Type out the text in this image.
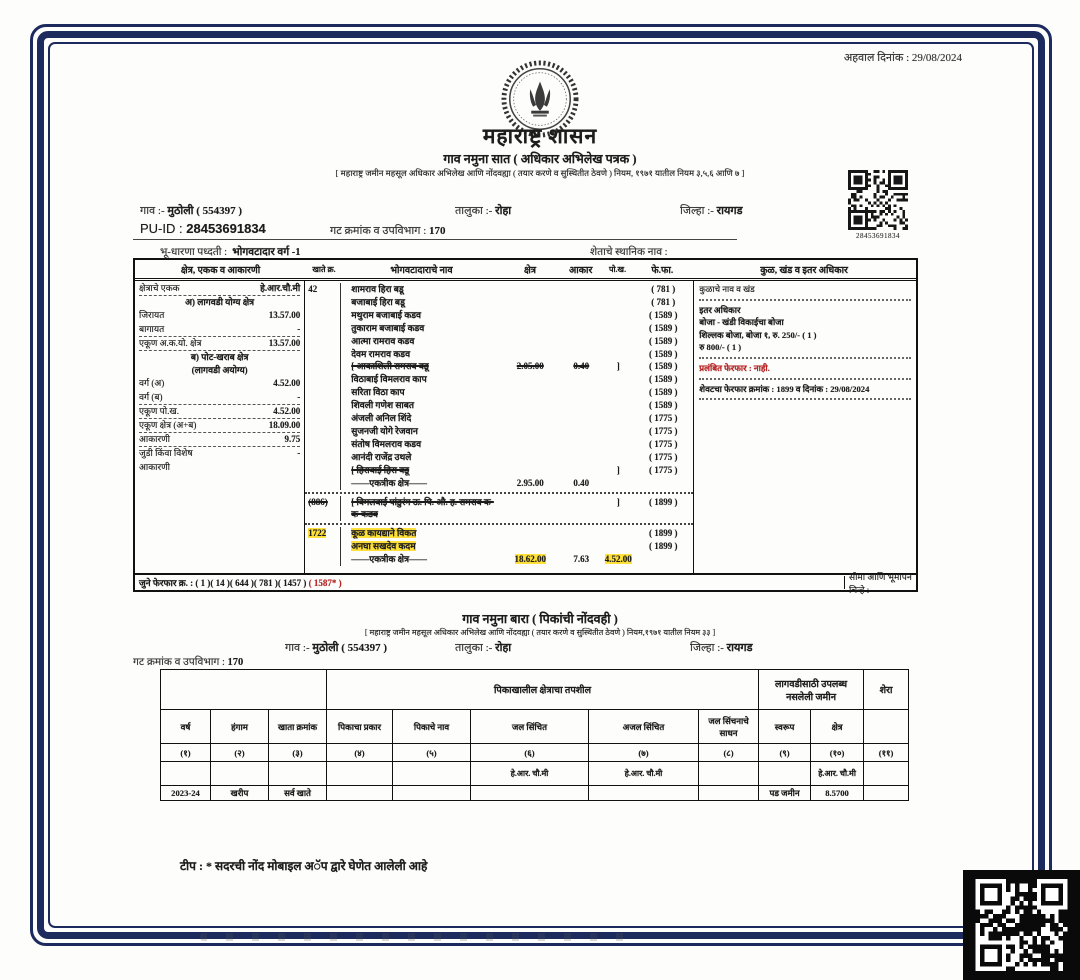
अहवाल दिनांक : 29/08/2024
महाराष्ट्र शासन
गाव नमुना सात ( अधिकार अभिलेख पत्रक )
[ महाराष्ट्र जमीन महसूल अधिकार अभिलेख आणि नोंदवह्या ( तयार करणे व सुस्थितीत ठेवणे ) नियम, १९७१ यातील नियम ३,५,६ आणि ७ ]
गाव :- मुठोली ( 554397 )	तालुका :- रोहा	जिल्हा :- रायगड
PU-ID : 28453691834	गट क्रमांक व उपविभाग : 170	28453691834
भू-धारणा पध्दती : भोगवटादार वर्ग -1	शेताचे स्थानिक नाव :
क्षेत्र, एकक व आकारणी	खाते क्र.	भोगवटादाराचे नाव	क्षेत्र	आकार	पो.ख.	फे.फा.	कुळ, खंड व इतर अधिकार
क्षेत्राचे एकक	हे.आर.चौ.मी
अ) लागवडी योग्य क्षेत्र
जिरायत	13.57.00
बागायत	-
एकूण अ.क.यो. क्षेत्र	13.57.00
ब) पोट-खराब क्षेत्र
(लागवडी अयोग्य)
वर्ग (अ)	4.52.00
वर्ग (ब)	-
एकूण पो.ख.	4.52.00
एकूण क्षेत्र (अ+ब)	18.09.00
आकारणी	9.75
जुडी किंवा विशेष	-
आकारणी
42	शामराव हिरा बडू	( 781 )
बजाबाई हिरा बडू	( 781 )
मथुराम बजाबाई कडव	( 1589 )
तुकाराम बजाबाई कडव	( 1589 )
आत्मा रामराव कडव	( 1589 )
देवम रामराव कडव	( 1589 )
[ आकाशिली रामराव बडू	2.05.00	0.40	]	( 1589 )
विठाबाई विमलराव काप	( 1589 )
सरिता विठा काप	( 1589 )
शिवली गणेश साबत	( 1589 )
अंजली अनिल शिंदे	( 1775 )
सुजनजी योगे रेजवान	( 1775 )
संतोष विमलराव कडव	( 1775 )
आनंदी राजेंद्र उथले	( 1775 )
[ हिराबाई हिरा बडू	]	( 1775 )
——एकत्रीक क्षेत्र——	2.95.00	0.40
(886)	[ विमलबाई पांडुरंग ऊ. पि. औ. ह. रामराव क-	]	( 1899 )
क-कडव
1722	कूळ कायद्याने विकत	( 1899 )
अनघा सखदेव कदम	( 1899 )
——एकत्रीक क्षेत्र——	18.62.00	7.63	4.52.00
कुळाचे नाव व खंड
इतर अधिकार
बोजा - खंडी विकाईचा बोजा
शिल्लक बोजा, बोजा १, रु. 250/- ( 1 )
रु 800/- ( 1 )
प्रलंबित फेरफार : नाही.
शेवटचा फेरफार क्रमांक : 1899 व दिनांक : 29/08/2024
जुने फेरफार क्र. : ( 1 )( 14 )( 644 )( 781 )( 1457 ) ( 1587* )
सीमा आणि भूमापन चिन्हे :
गाव नमुना बारा ( पिकांची नोंदवही )
[ महाराष्ट्र जमीन महसूल अधिकार अभिलेख आणि नोंदवह्या ( तयार करणे व सुस्थितीत ठेवणे ) नियम,१९७१ यातील नियम ३३ ]
गाव :- मुठोली ( 554397 )	तालुका :- रोहा	जिल्हा :- रायगड
गट क्रमांक व उपविभाग : 170
			पिकाखालील क्षेत्राचा तपशील					लागवडीसाठी उपलब्ध नसलेली जमीन		शेरा
वर्ष	हंगाम	खाता क्रमांक	पिकाचा प्रकार	पिकाचे नाव	जल सिंचित	अजल सिंचित	जल सिंचनाचे साधन	स्वरूप	क्षेत्र	
(१)	(२)	(३)	(४)	(५)	(६)	(७)	(८)	(९)	(१०)	(११)
					हे.आर. चौ.मी	हे.आर. चौ.मी			हे.आर. चौ.मी	
2023-24	खरीप	सर्व खाते						पड जमीन	8.5700	
टीप : * सदरची नोंद मोबाइल अॅप द्वारे घेणेत आलेली आहे
